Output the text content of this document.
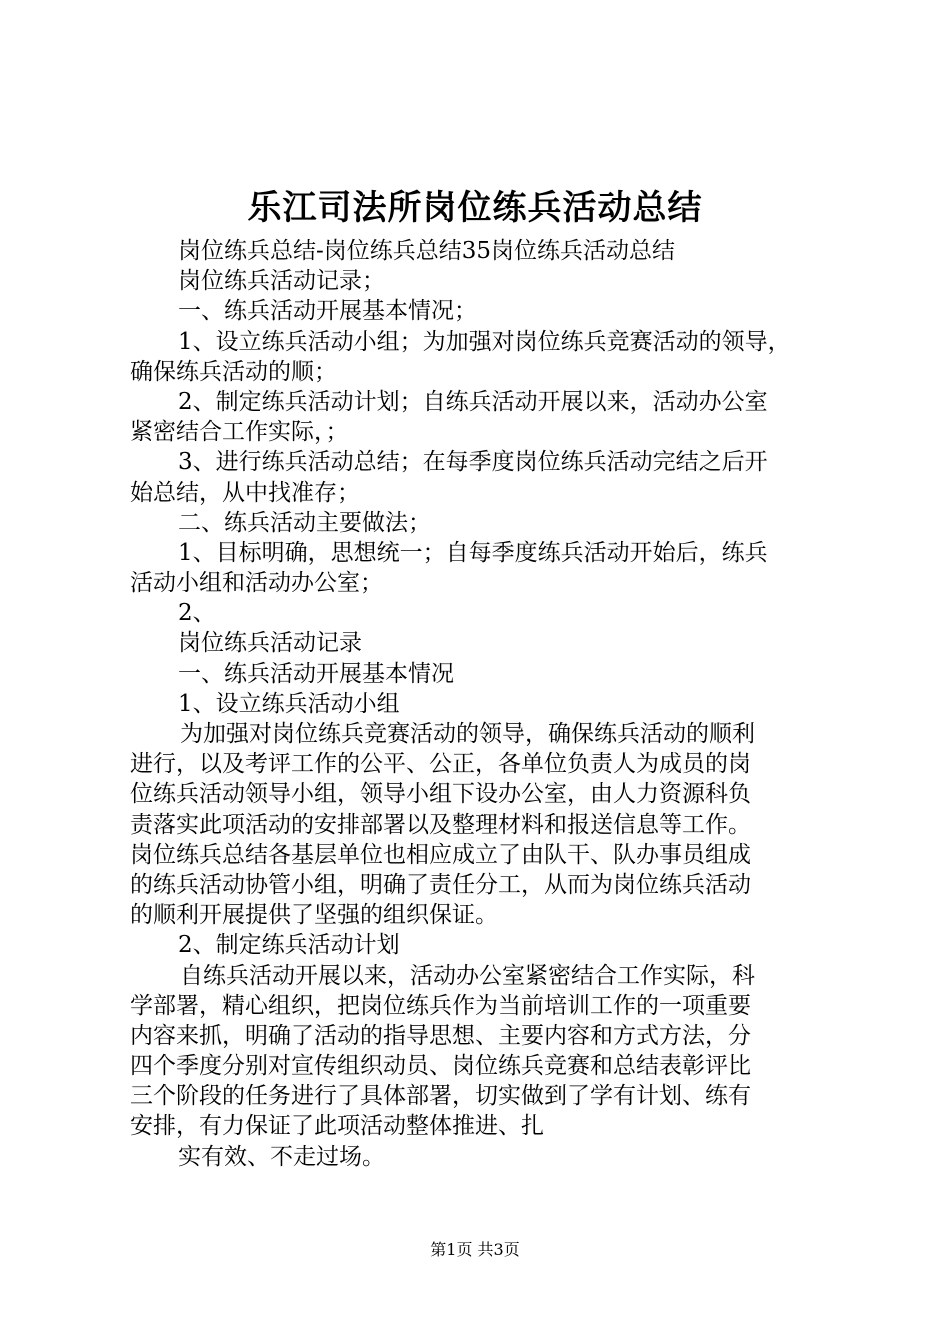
乐江司法所岗位练兵活动总结
岗位练兵总结-岗位练兵总结35岗位练兵活动总结
岗位练兵活动记录；
一、练兵活动开展基本情况；
1、设立练兵活动小组；为加强对岗位练兵竞赛活动的领导，
确保练兵活动的顺；
2、制定练兵活动计划；自练兵活动开展以来，活动办公室
紧密结合工作实际，；
3、进行练兵活动总结；在每季度岗位练兵活动完结之后开
始总结，从中找准存；
二、练兵活动主要做法；
1、目标明确，思想统一；自每季度练兵活动开始后，练兵
活动小组和活动办公室；
2、
岗位练兵活动记录
一、练兵活动开展基本情况
1、设立练兵活动小组
为加强对岗位练兵竞赛活动的领导，确保练兵活动的顺利
进行，以及考评工作的公平、公正，各单位负责人为成员的岗
位练兵活动领导小组，领导小组下设办公室，由人力资源科负
责落实此项活动的安排部署以及整理材料和报送信息等工作。
岗位练兵总结各基层单位也相应成立了由队干、队办事员组成
的练兵活动协管小组，明确了责任分工，从而为岗位练兵活动
的顺利开展提供了坚强的组织保证。
2、制定练兵活动计划
自练兵活动开展以来，活动办公室紧密结合工作实际，科
学部署，精心组织，把岗位练兵作为当前培训工作的一项重要
内容来抓，明确了活动的指导思想、主要内容和方式方法，分
四个季度分别对宣传组织动员、岗位练兵竞赛和总结表彰评比
三个阶段的任务进行了具体部署，切实做到了学有计划、练有
安排，有力保证了此项活动整体推进、扎
实有效、不走过场。
第1页 共3页
